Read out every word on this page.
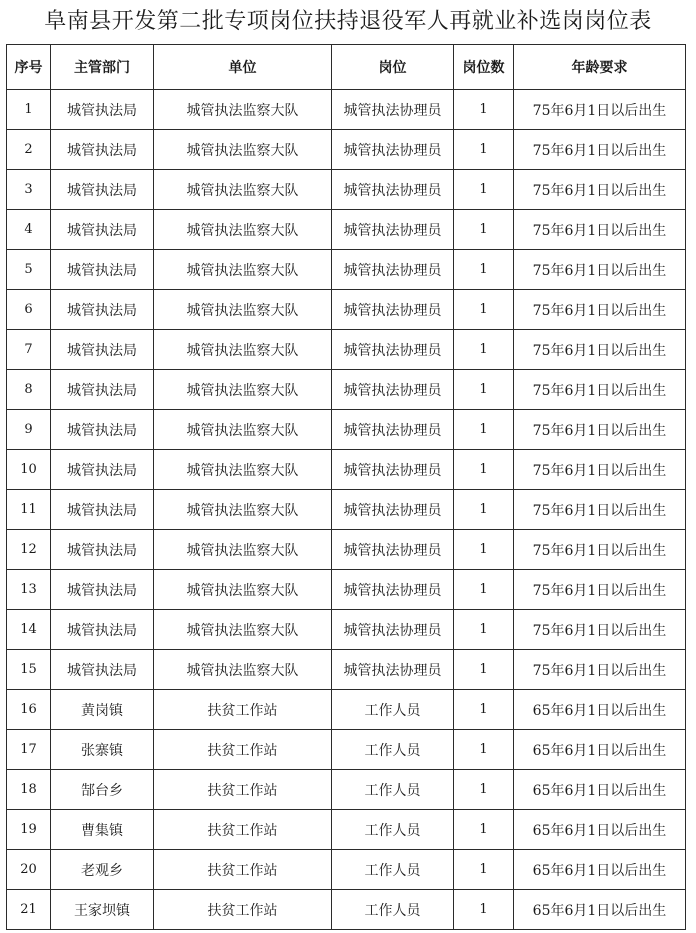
阜南县开发第二批专项岗位扶持退役军人再就业补选岗岗位表
序号	主管部门	单位	岗位	岗位数	年龄要求
1	城管执法局	城管执法监察大队	城管执法协理员	1	75年6月1日以后出生
2	城管执法局	城管执法监察大队	城管执法协理员	1	75年6月1日以后出生
3	城管执法局	城管执法监察大队	城管执法协理员	1	75年6月1日以后出生
4	城管执法局	城管执法监察大队	城管执法协理员	1	75年6月1日以后出生
5	城管执法局	城管执法监察大队	城管执法协理员	1	75年6月1日以后出生
6	城管执法局	城管执法监察大队	城管执法协理员	1	75年6月1日以后出生
7	城管执法局	城管执法监察大队	城管执法协理员	1	75年6月1日以后出生
8	城管执法局	城管执法监察大队	城管执法协理员	1	75年6月1日以后出生
9	城管执法局	城管执法监察大队	城管执法协理员	1	75年6月1日以后出生
10	城管执法局	城管执法监察大队	城管执法协理员	1	75年6月1日以后出生
11	城管执法局	城管执法监察大队	城管执法协理员	1	75年6月1日以后出生
12	城管执法局	城管执法监察大队	城管执法协理员	1	75年6月1日以后出生
13	城管执法局	城管执法监察大队	城管执法协理员	1	75年6月1日以后出生
14	城管执法局	城管执法监察大队	城管执法协理员	1	75年6月1日以后出生
15	城管执法局	城管执法监察大队	城管执法协理员	1	75年6月1日以后出生
16	黄岗镇	扶贫工作站	工作人员	1	65年6月1日以后出生
17	张寨镇	扶贫工作站	工作人员	1	65年6月1日以后出生
18	郜台乡	扶贫工作站	工作人员	1	65年6月1日以后出生
19	曹集镇	扶贫工作站	工作人员	1	65年6月1日以后出生
20	老观乡	扶贫工作站	工作人员	1	65年6月1日以后出生
21	王家坝镇	扶贫工作站	工作人员	1	65年6月1日以后出生
